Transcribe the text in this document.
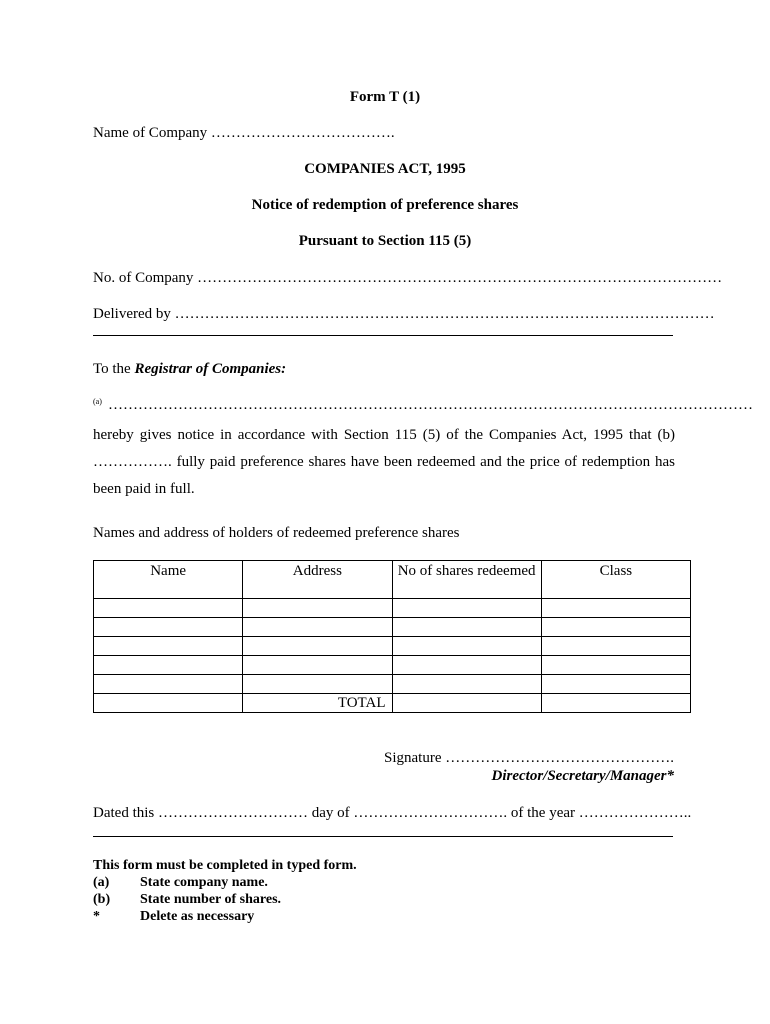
Form T (1)
Name of Company ……………………………….
COMPANIES ACT, 1995
Notice of redemption of preference shares
Pursuant to Section 115 (5)
No. of Company ……………………………………………………………………………………………
Delivered by ………………………………………………………………………………………………
To the Registrar of Companies:
(a) …………………………………………………………………………………………………………………
hereby gives notice in accordance with Section 115 (5) of the Companies Act, 1995 that (b) ……………. fully paid preference shares have been redeemed and the price of redemption has been paid in full.
Names and address of holders of redeemed preference shares
Name	Address	No of shares redeemed	Class

	TOTAL		
Signature ……………………………………….
Director/Secretary/Manager*
Dated this ………………………… day of …………………………. of the year …………………..
This form must be completed in typed form.
(a)	State company name.
(b)	State number of shares.
*	Delete as necessary
